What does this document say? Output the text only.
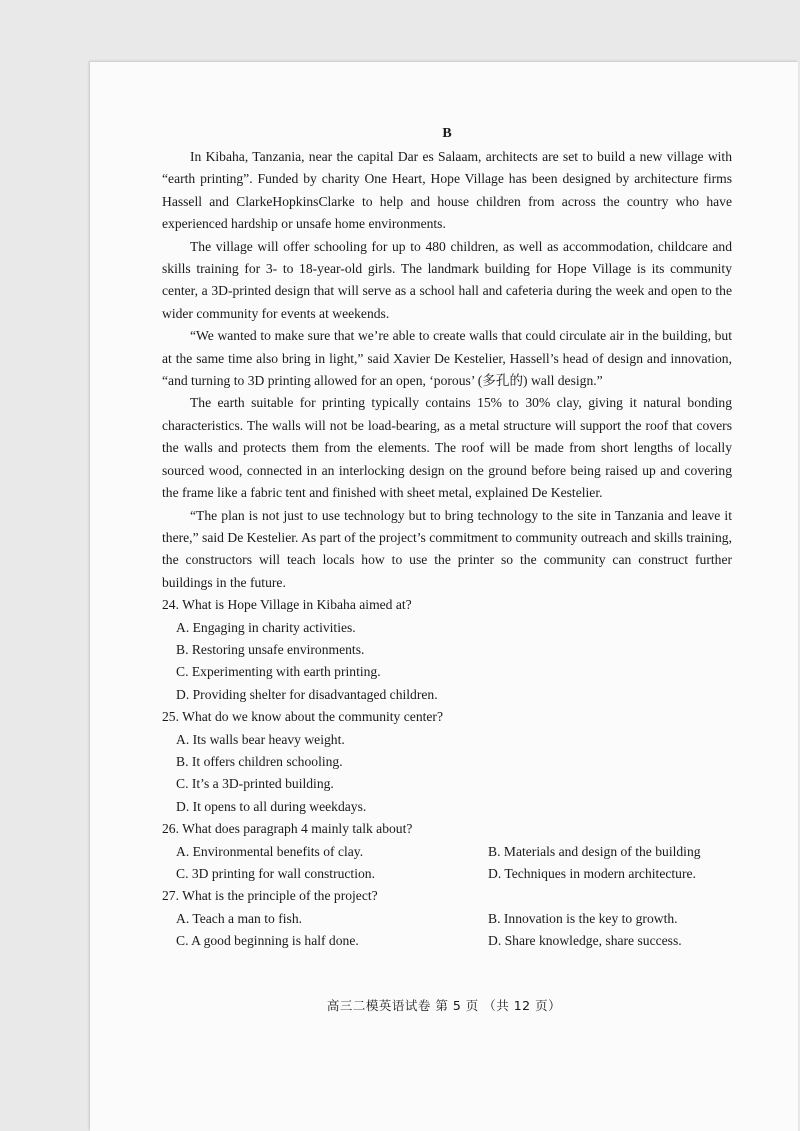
B

In Kibaha, Tanzania, near the capital Dar es Salaam, architects are set to build a new village with “earth printing”. Funded by charity One Heart, Hope Village has been designed by architecture firms Hassell and ClarkeHopkinsClarke to help and house children from across the country who have experienced hardship or unsafe home environments.

The village will offer schooling for up to 480 children, as well as accommodation, childcare and skills training for 3- to 18-year-old girls. The landmark building for Hope Village is its community center, a 3D-printed design that will serve as a school hall and cafeteria during the week and open to the wider community for events at weekends.

“We wanted to make sure that we’re able to create walls that could circulate air in the building, but at the same time also bring in light,” said Xavier De Kestelier, Hassell’s head of design and innovation, “and turning to 3D printing allowed for an open, ‘porous’ (多孔的) wall design.”

The earth suitable for printing typically contains 15% to 30% clay, giving it natural bonding characteristics. The walls will not be load-bearing, as a metal structure will support the roof that covers the walls and protects them from the elements. The roof will be made from short lengths of locally sourced wood, connected in an interlocking design on the ground before being raised up and covering the frame like a fabric tent and finished with sheet metal, explained De Kestelier.

“The plan is not just to use technology but to bring technology to the site in Tanzania and leave it there,” said De Kestelier. As part of the project’s commitment to community outreach and skills training, the constructors will teach locals how to use the printer so the community can construct further buildings in the future.

24. What is Hope Village in Kibaha aimed at?

A. Engaging in charity activities.

B. Restoring unsafe environments.

C. Experimenting with earth printing.

D. Providing shelter for disadvantaged children.

25. What do we know about the community center?

A. Its walls bear heavy weight.

B. It offers children schooling.

C. It’s a 3D-printed building.

D. It opens to all during weekdays.

26. What does paragraph 4 mainly talk about?

A. Environmental benefits of clay.	B. Materials and design of the building
C. 3D printing for wall construction.	D. Techniques in modern architecture.

27. What is the principle of the project?

A. Teach a man to fish.	B. Innovation is the key to growth.
C. A good beginning is half done.	D. Share knowledge, share success.
高三二模英语试卷 第 5 页 （共 12 页）
